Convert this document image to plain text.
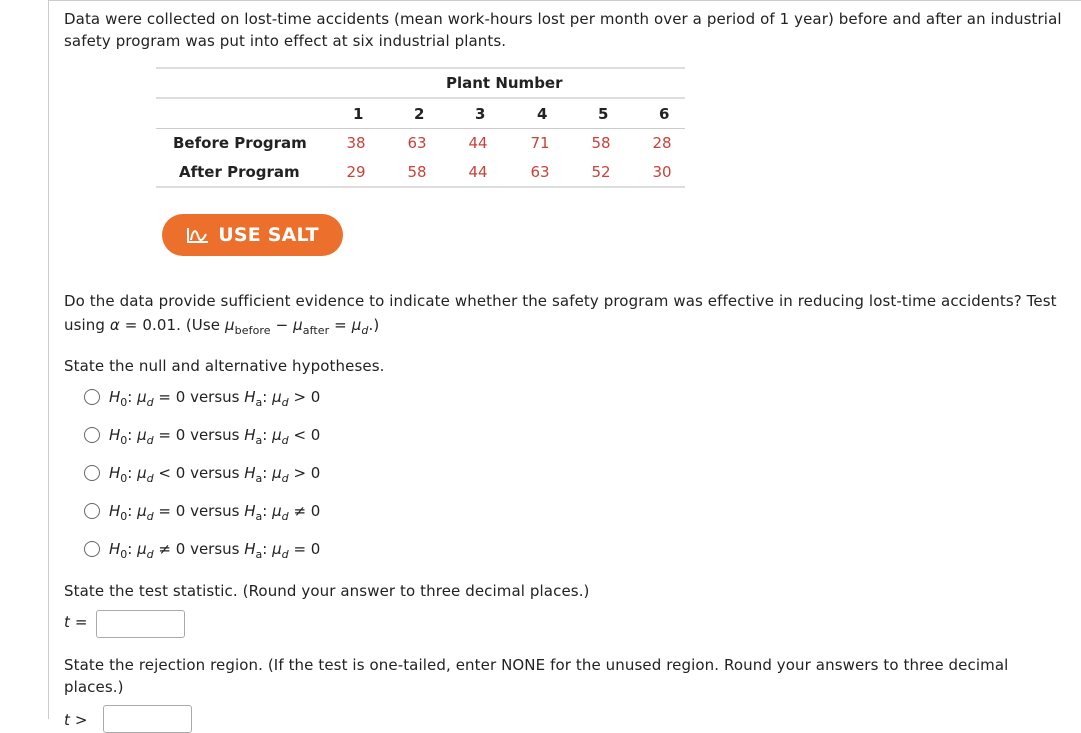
Data were collected on lost-time accidents (mean work-hours lost per month over a period of 1 year) before and after an industrial safety program was put into effect at six industrial plants.
Plant Number
1	2	3	4	5	6
Before Program	38	63	44	71	58	28
After Program	29	58	44	63	52	30
USE SALT
Do the data provide sufficient evidence to indicate whether the safety program was effective in reducing lost-time accidents? Test
using α = 0.01. (Use $\mu_{before} - \mu_{after} = \mu_d$.)
State the null and alternative hypotheses.
$H_0$: $\mu_d = 0$ versus $H_a$: $\mu_d > 0$
$H_0$: $\mu_d = 0$ versus $H_a$: $\mu_d < 0$
$H_0$: $\mu_d < 0$ versus $H_a$: $\mu_d > 0$
$H_0$: $\mu_d = 0$ versus $H_a$: $\mu_d \ne 0$
$H_0$: $\mu_d \ne 0$ versus $H_a$: $\mu_d = 0$
State the test statistic. (Round your answer to three decimal places.)
t =
State the rejection region. (If the test is one-tailed, enter NONE for the unused region. Round your answers to three decimal places.)
t >
